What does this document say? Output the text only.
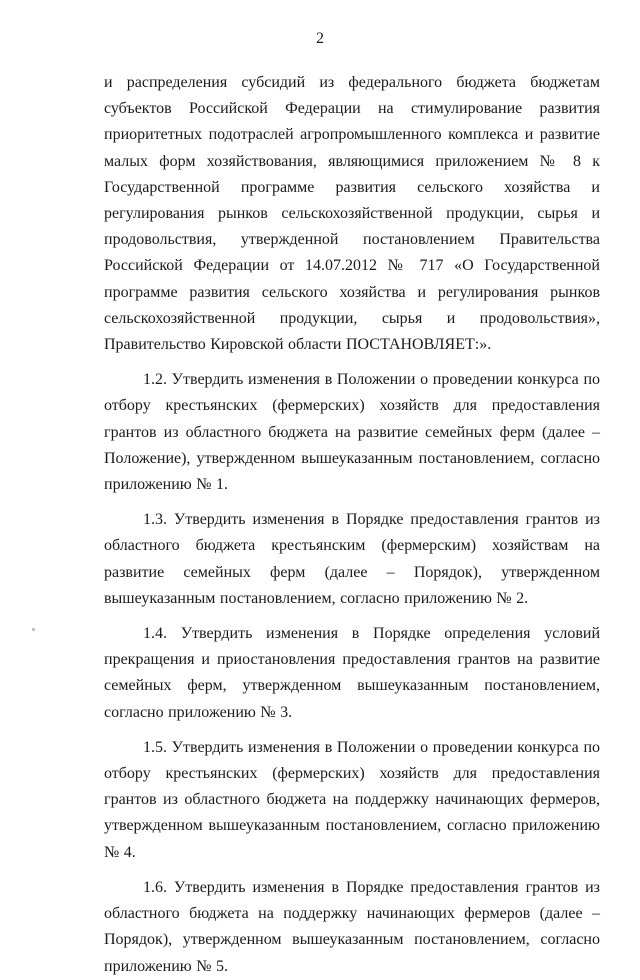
2

и распределения субсидий из федерального бюджета бюджетам субъектов Российской Федерации на стимулирование развития приоритетных подотраслей агропромышленного комплекса и развитие малых форм хозяйствования, являющимися приложением № 8 к Государственной программе развития сельского хозяйства и регулирования рынков сельскохозяйственной продукции, сырья и продовольствия, утвержденной постановлением Правительства Российской Федерации от 14.07.2012 № 717 «О Государственной программе развития сельского хозяйства и регулирования рынков сельскохозяйственной продукции, сырья и продовольствия», Правительство Кировской области ПОСТАНОВЛЯЕТ:».

1.2. Утвердить изменения в Положении о проведении конкурса по отбору крестьянских (фермерских) хозяйств для предоставления грантов из областного бюджета на развитие семейных ферм (далее – Положение), утвержденном вышеуказанным постановлением, согласно приложению № 1.

1.3. Утвердить изменения в Порядке предоставления грантов из областного бюджета крестьянским (фермерским) хозяйствам на развитие семейных ферм (далее – Порядок), утвержденном вышеуказанным постановлением, согласно приложению № 2.

1.4. Утвердить изменения в Порядке определения условий прекращения и приостановления предоставления грантов на развитие семейных ферм, утвержденном вышеуказанным постановлением, согласно приложению № 3.

1.5. Утвердить изменения в Положении о проведении конкурса по отбору крестьянских (фермерских) хозяйств для предоставления грантов из областного бюджета на поддержку начинающих фермеров, утвержденном вышеуказанным постановлением, согласно приложению № 4.

1.6. Утвердить изменения в Порядке предоставления грантов из областного бюджета на поддержку начинающих фермеров (далее – Порядок), утвержденном вышеуказанным постановлением, согласно приложению № 5.
